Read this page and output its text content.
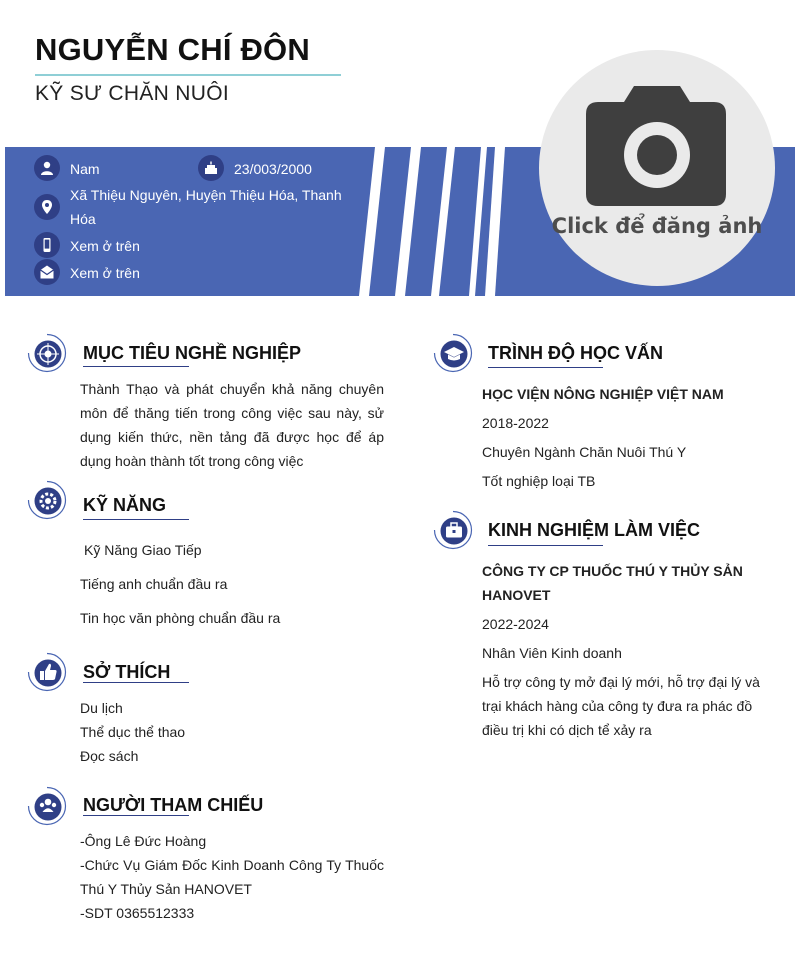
NGUYỄN CHÍ ĐÔN
KỸ SƯ CHĂN NUÔI
Nam	23/003/2000
Xã Thiệu Nguyên, Huyện Thiệu Hóa, Thanh Hóa
Xem ở trên
Xem ở trên
Click để đăng ảnh
MỤC TIÊU NGHỀ NGHIỆP
Thành Thạo và phát chuyển khả năng chuyên môn để thăng tiến trong công việc sau này, sử dụng kiến thức, nền tảng đã được học để áp dụng hoàn thành tốt trong công việc
KỸ NĂNG
Kỹ Năng Giao Tiếp
Tiếng anh chuẩn đầu ra
Tin học văn phòng chuẩn đầu ra
SỞ THÍCH
Du lịch
Thể dục thể thao
Đọc sách
NGƯỜI THAM CHIẾU
-Ông Lê Đức Hoàng
-Chức Vụ Giám Đốc Kinh Doanh Công Ty Thuốc Thú Y Thủy Sản HANOVET
-SDT 0365512333
TRÌNH ĐỘ HỌC VẤN
HỌC VIỆN NÔNG NGHIỆP VIỆT NAM
2018-2022
Chuyên Ngành Chăn Nuôi Thú Y
Tốt nghiệp loại TB
KINH NGHIỆM LÀM VIỆC
CÔNG TY CP THUỐC THÚ Y THỦY SẢN HANOVET
2022-2024
Nhân Viên Kinh doanh
Hỗ trợ công ty mở đại lý mới, hỗ trợ đại lý và trại khách hàng của công ty đưa ra phác đồ điều trị khi có dịch tể xảy ra
